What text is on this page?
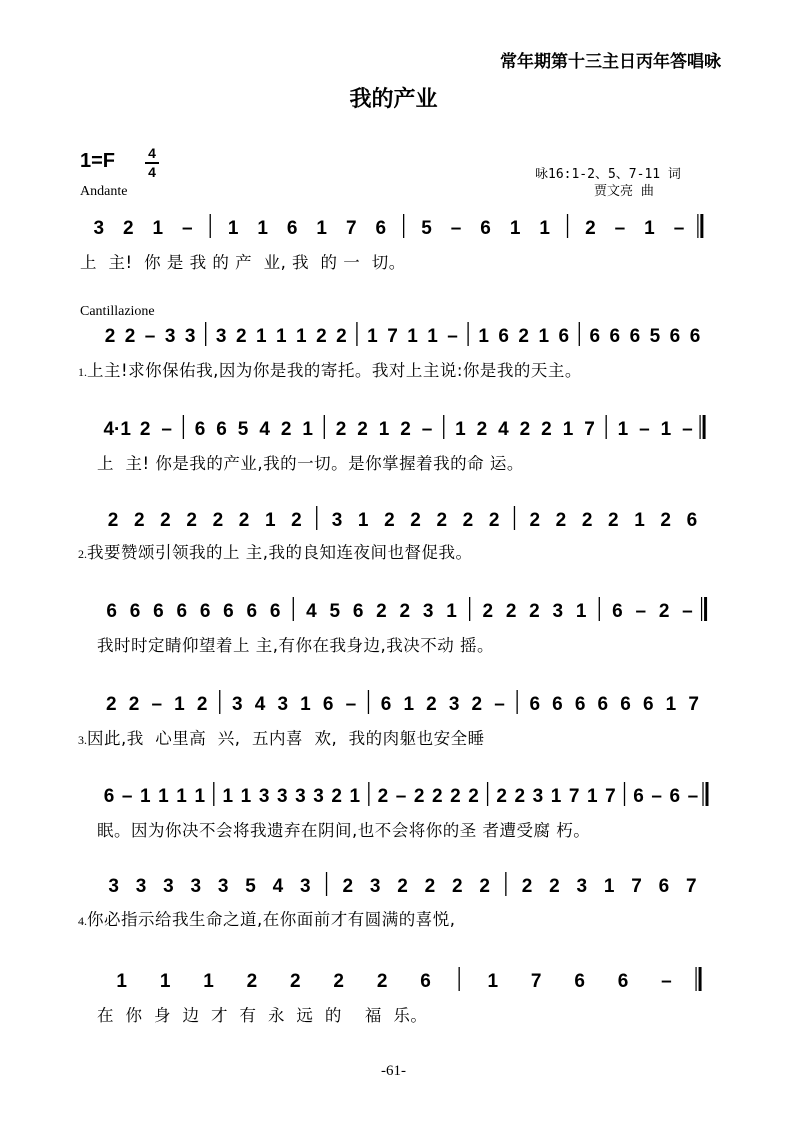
常年期第十三主日丙年答唱咏
我的产业
1=F 4
4
Andante
咏16:1-2、5、7-11 词
贾文亮 曲
Cantillazione
3 2 1 – 1 1 6 1 7 6 5 – 6 1 1 2 – 1 –
上  主!  你 是 我 的 产  业, 我  的 一  切。
2 2 – 3 3 3 2 1 1 1 2 2 1 7 1 1 – 1 6 2 1 6 6 6 6 5 6 6
1.上主!求你保佑我,因为你是我的寄托。我对上主说:你是我的天主。
4·1 2 – 6 6 5 4 2 1 2 2 1 2 – 1 2 4 2 2 1 7 1 – 1 –
上  主! 你是我的产业,我的一切。是你掌握着我的命 运。
2 2 2 2 2 2 1 2 3 1 2 2 2 2 2 2 2 2 2 1 2 6
2.我要赞颂引领我的上 主,我的良知连夜间也督促我。
6 6 6 6 6 6 6 6 4 5 6 2 2 3 1 2 2 2 3 1 6 – 2 –
我时时定睛仰望着上 主,有你在我身边,我决不动 摇。
2 2 – 1 2 3 4 3 1 6 – 6 1 2 3 2 – 6 6 6 6 6 6 1 7
3.因此,我  心里高  兴,  五内喜  欢,  我的肉躯也安全睡
6 – 1 1 1 1 1 1 3 3 3 3 2 1 2 – 2 2 2 2 2 2 3 1 7 1 7 6 – 6 –
眠。因为你决不会将我遗弃在阴间,也不会将你的圣 者遭受腐 朽。
3 3 3 3 3 5 4 3 2 3 2 2 2 2 2 2 3 1 7 6 7
4.你必指示给我生命之道,在你面前才有圆满的喜悦,
1 1 1 2 2 2 2 6	1 7 6 6 –
在  你  身  边  才  有  永  远  的    福  乐。
-61-
